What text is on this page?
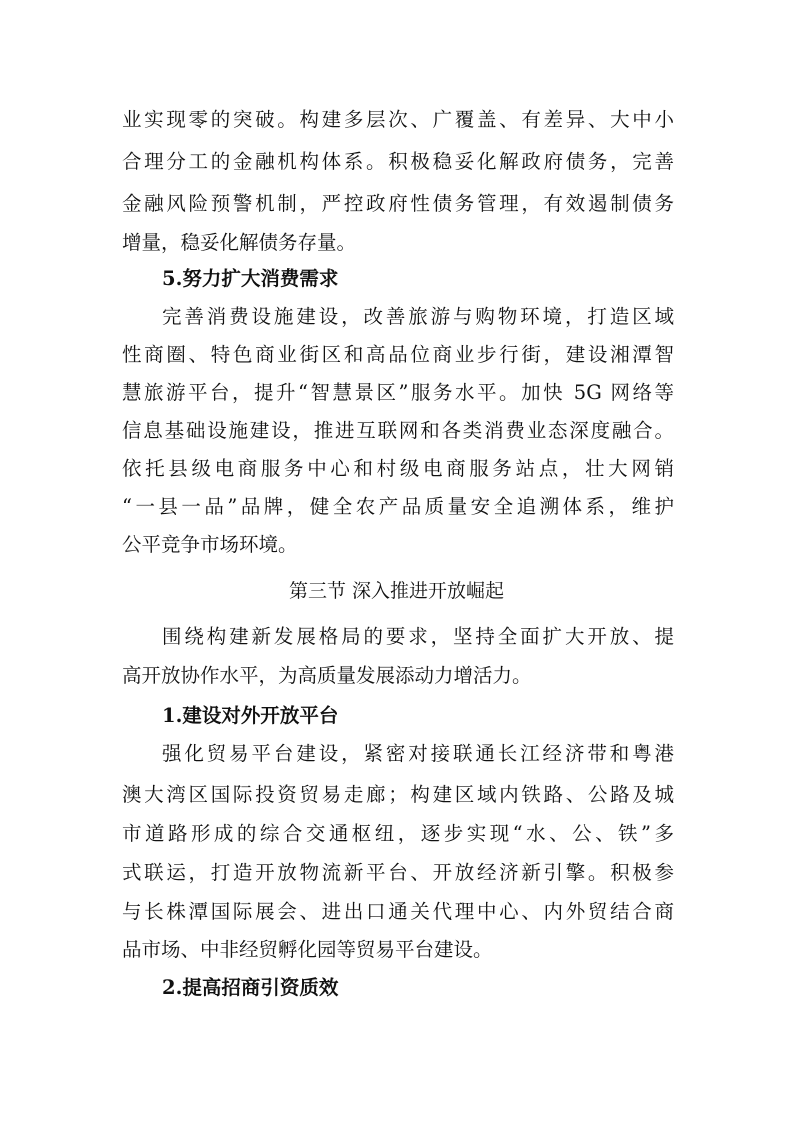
业实现零的突破。构建多层次、广覆盖、有差异、大中小
合理分工的金融机构体系。积极稳妥化解政府债务，完善
金融风险预警机制，严控政府性债务管理，有效遏制债务
增量，稳妥化解债务存量。
5.努力扩大消费需求
完善消费设施建设，改善旅游与购物环境，打造区域
性商圈、特色商业街区和高品位商业步行街，建设湘潭智
慧旅游平台，提升“智慧景区”服务水平。加快 5G 网络等
信息基础设施建设，推进互联网和各类消费业态深度融合。
依托县级电商服务中心和村级电商服务站点，壮大网销
“一县一品”品牌，健全农产品质量安全追溯体系，维护
公平竞争市场环境。
第三节 深入推进开放崛起
围绕构建新发展格局的要求，坚持全面扩大开放、提
高开放协作水平，为高质量发展添动力增活力。
1.建设对外开放平台
强化贸易平台建设，紧密对接联通长江经济带和粤港
澳大湾区国际投资贸易走廊；构建区域内铁路、公路及城
市道路形成的综合交通枢纽，逐步实现“水、公、铁”多
式联运，打造开放物流新平台、开放经济新引擎。积极参
与长株潭国际展会、进出口通关代理中心、内外贸结合商
品市场、中非经贸孵化园等贸易平台建设。
2.提高招商引资质效
